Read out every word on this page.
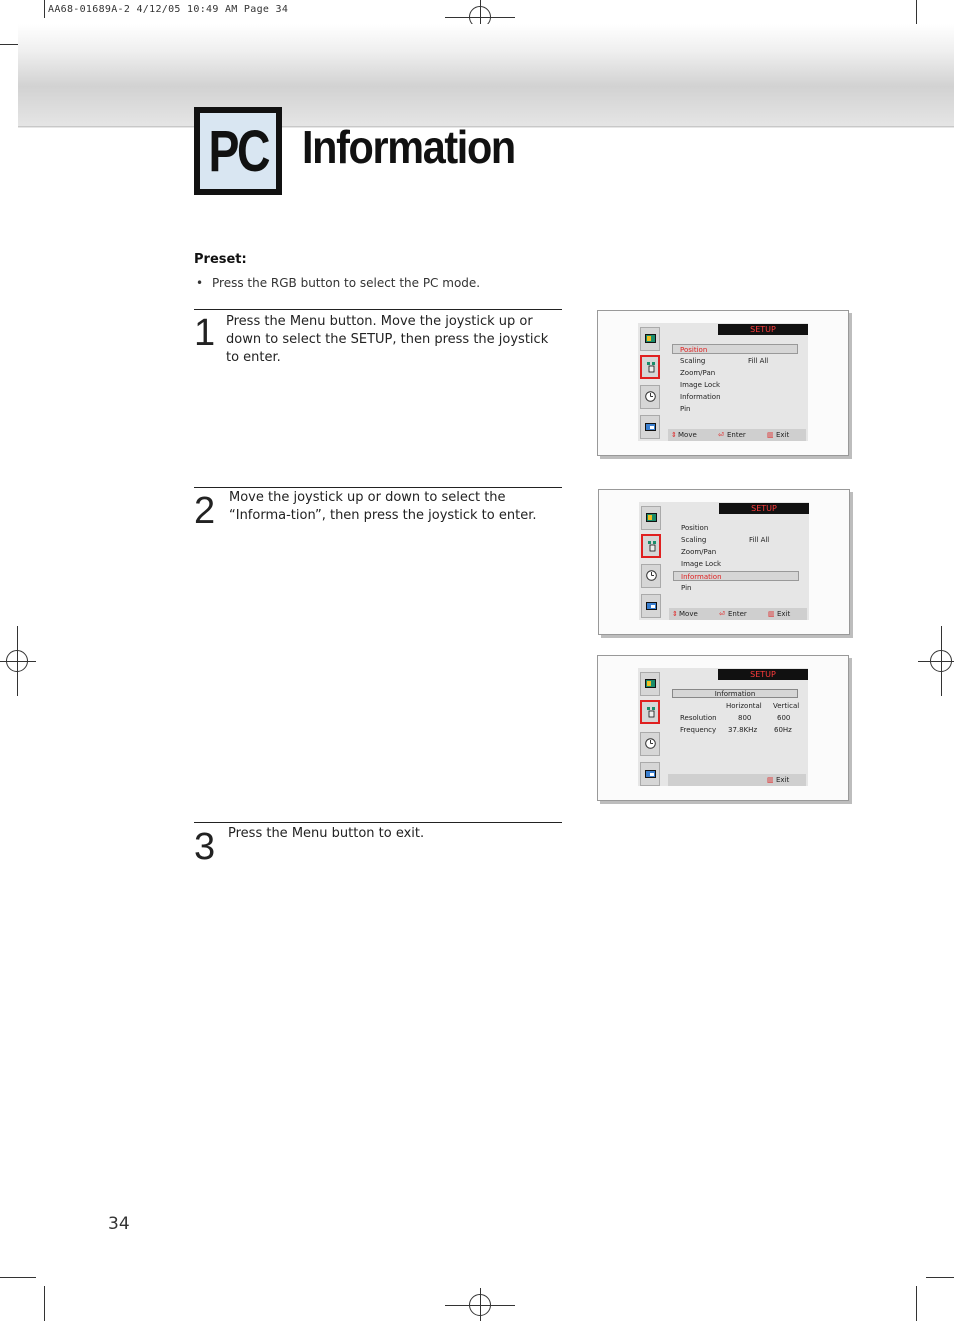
AA68-01689A-2 4/12/05 10:49 AM Page 34
PC Information
Preset:
• Press the RGB button to select the PC mode.
1 Press the Menu button. Move the joystick up or down to select the SETUP, then press the joystick to enter.
2 Move the joystick up or down to select the “Informa-tion”, then press the joystick to enter.
3 Press the Menu button to exit.
SETUP
Position
Scaling	Fill All
Zoom/Pan
Image Lock
Information
Pin
⇕ Move	⏎ Enter	▥ Exit
SETUP
Position
Scaling	Fill All
Zoom/Pan
Image Lock
Information
Pin
⇕ Move	⏎ Enter	▥ Exit
SETUP
Information
Horizontal Vertical
Resolution	800	600
Frequency 37.8KHz 60Hz
▥ Exit
34
